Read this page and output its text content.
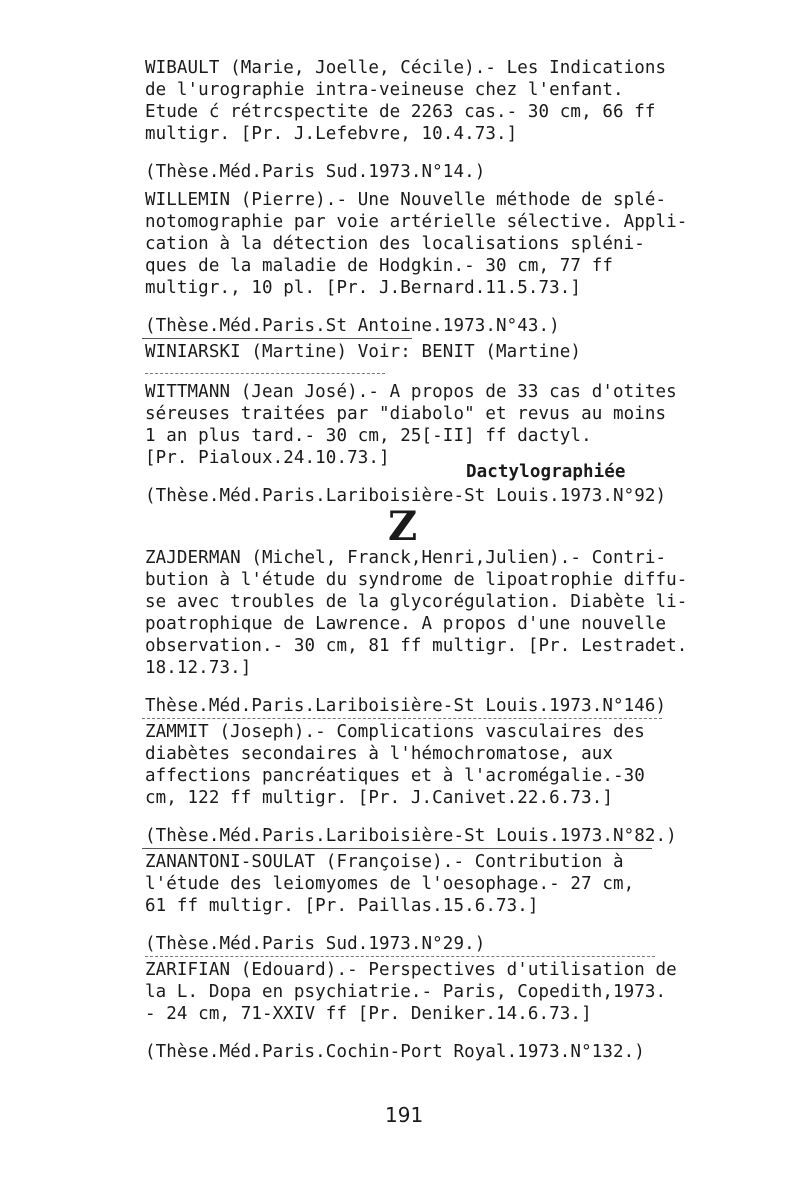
WIBAULT (Marie, Joelle, Cécile).- Les Indications
de l'urographie intra-veineuse chez l'enfant.
Etude ć rétrcspectite de 2263 cas.- 30 cm, 66 ff
multigr. [Pr. J.Lefebvre, 10.4.73.]
(Thèse.Méd.Paris Sud.1973.N°14.)
WILLEMIN (Pierre).- Une Nouvelle méthode de splé-
notomographie par voie artérielle sélective. Appli-
cation à la détection des localisations spléni-
ques de la maladie de Hodgkin.- 30 cm, 77 ff
multigr., 10 pl. [Pr. J.Bernard.11.5.73.]
(Thèse.Méd.Paris.St Antoine.1973.N°43.)
WINIARSKI (Martine) Voir: BENIT (Martine)
WITTMANN (Jean José).- A propos de 33 cas d'otites
séreuses traitées par "diabolo" et revus au moins
1 an plus tard.- 30 cm, 25[-II] ff dactyl.
[Pr. Pialoux.24.10.73.]
Dactylographiée
(Thèse.Méd.Paris.Lariboisière-St Louis.1973.N°92)
Z
ZAJDERMAN (Michel, Franck,Henri,Julien).- Contri-
bution à l'étude du syndrome de lipoatrophie diffu-
se avec troubles de la glycorégulation. Diabète li-
poatrophique de Lawrence. A propos d'une nouvelle
observation.- 30 cm, 81 ff multigr. [Pr. Lestradet.
18.12.73.]
Thèse.Méd.Paris.Lariboisière-St Louis.1973.N°146)
ZAMMIT (Joseph).- Complications vasculaires des
diabètes secondaires à l'hémochromatose, aux
affections pancréatiques et à l'acromégalie.-30
cm, 122 ff multigr. [Pr. J.Canivet.22.6.73.]
(Thèse.Méd.Paris.Lariboisière-St Louis.1973.N°82.)
ZANANTONI-SOULAT (Françoise).- Contribution à
l'étude des leiomyomes de l'oesophage.- 27 cm,
61 ff multigr. [Pr. Paillas.15.6.73.]
(Thèse.Méd.Paris Sud.1973.N°29.)
ZARIFIAN (Edouard).- Perspectives d'utilisation de
la L. Dopa en psychiatrie.- Paris, Copedith,1973.
- 24 cm, 71-XXIV ff [Pr. Deniker.14.6.73.]
(Thèse.Méd.Paris.Cochin-Port Royal.1973.N°132.)
191
